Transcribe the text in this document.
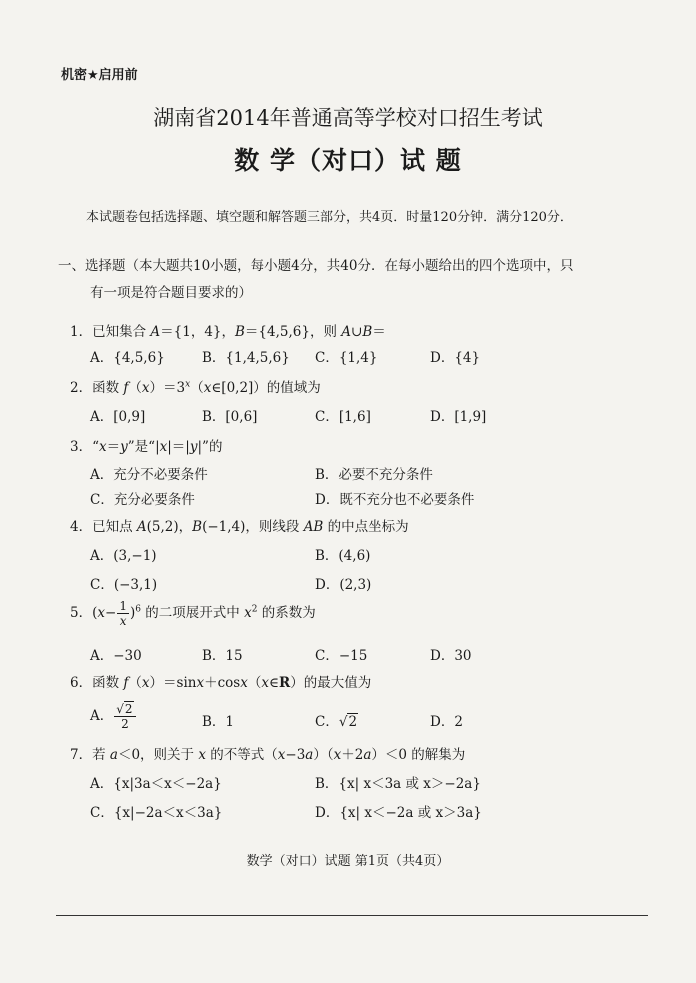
机密★启用前
湖南省2014年普通高等学校对口招生考试
数 学（对口）试 题
本试题卷包括选择题、填空题和解答题三部分，共4页．时量120分钟．满分120分．
一、选择题（本大题共10小题，每小题4分，共40分．在每小题给出的四个选项中，只
有一项是符合题目要求的）
1．已知集合 A＝{1，4}，B＝{4,5,6}，则 A∪B＝
A．{4,5,6}	B．{1,4,5,6} C．{1,4}	D．{4}
2．函数 $f(x)=3^x(x\in[0,2])$的值域为
A．[0,9]	B．[0,6]	C．[1,6]	D．[1,9]
3．“x＝y”是“|x|＝|y|”的
A．充分不必要条件	B．必要不充分条件
C．充分必要条件	D．既不充分也不必要条件
4．已知点 A(5,2)，B(−1,4)，则线段 AB 的中点坐标为
A．(3,−1)	B．(4,6)
C．(−3,1)	D．(2,3)
5．$(x- \frac{1}{x} )^6$ 的二项展开式中 $x^2$ 的系数为
A．−30	B．15	C．−15	D．30
6．函数 f（x）＝sinx＋cosx（x∈R）的最大值为
A． $\frac{√2}{2}$	B．1	C．√2	D．2
7．若 a＜0，则关于 x 的不等式（x−3a）（x＋2a）＜0 的解集为
A．{x|3a＜x＜−2a}	B．{x| x＜3a 或 x＞−2a}
C．{x|−2a＜x＜3a}	D．{x| x＜−2a 或 x＞3a}
数学（对口）试题 第1页（共4页）
